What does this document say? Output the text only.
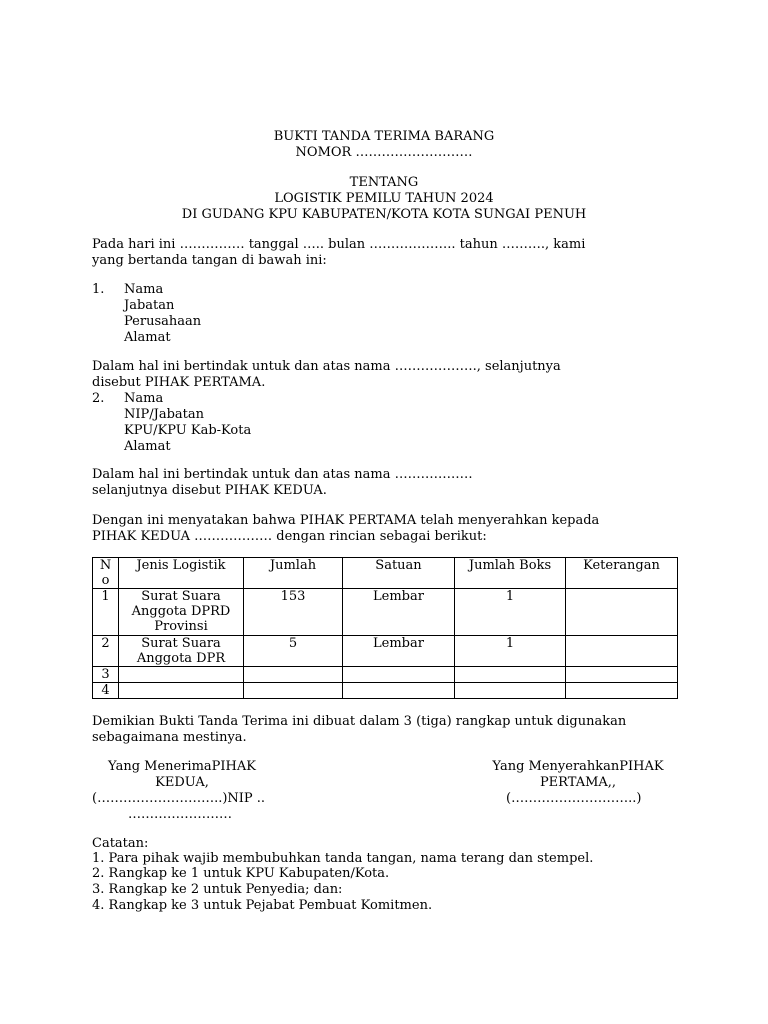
BUKTI TANDA TERIMA BARANG
NOMOR ………………………
TENTANG
LOGISTIK PEMILU TAHUN 2024
DI GUDANG KPU KABUPATEN/KOTA KOTA SUNGAI PENUH
Pada hari ini …………… tanggal ….. bulan ……………….. tahun ………., kami
yang bertanda tangan di bawah ini:
1. Nama
Jabatan
Perusahaan
Alamat
Dalam hal ini bertindak untuk dan atas nama ………………., selanjutnya
disebut PIHAK PERTAMA.
2. Nama
NIP/Jabatan
KPU/KPU Kab-Kota
Alamat
Dalam hal ini bertindak untuk dan atas nama ………………
selanjutnya disebut PIHAK KEDUA.
Dengan ini menyatakan bahwa PIHAK PERTAMA telah menyerahkan kepada
PIHAK KEDUA ……………… dengan rincian sebagai berikut:
N
o	Jenis Logistik	Jumlah	Satuan	Jumlah Boks	Keterangan
1	Surat Suara
Anggota DPRD
Provinsi	153	Lembar	1	
2	Surat Suara
Anggota DPR	5	Lembar	1	
3					
4					
Demikian Bukti Tanda Terima ini dibuat dalam 3 (tiga) rangkap untuk digunakan
sebagaimana mestinya.
Yang MenerimaPIHAK
KEDUA,
(………………………..)NIP ..
……………………
Yang MenyerahkanPIHAK
PERTAMA,,
(………………………..)
Catatan:
1. Para pihak wajib membubuhkan tanda tangan, nama terang dan stempel.
2. Rangkap ke 1 untuk KPU Kabupaten/Kota.
3. Rangkap ke 2 untuk Penyedia; dan:
4. Rangkap ke 3 untuk Pejabat Pembuat Komitmen.
